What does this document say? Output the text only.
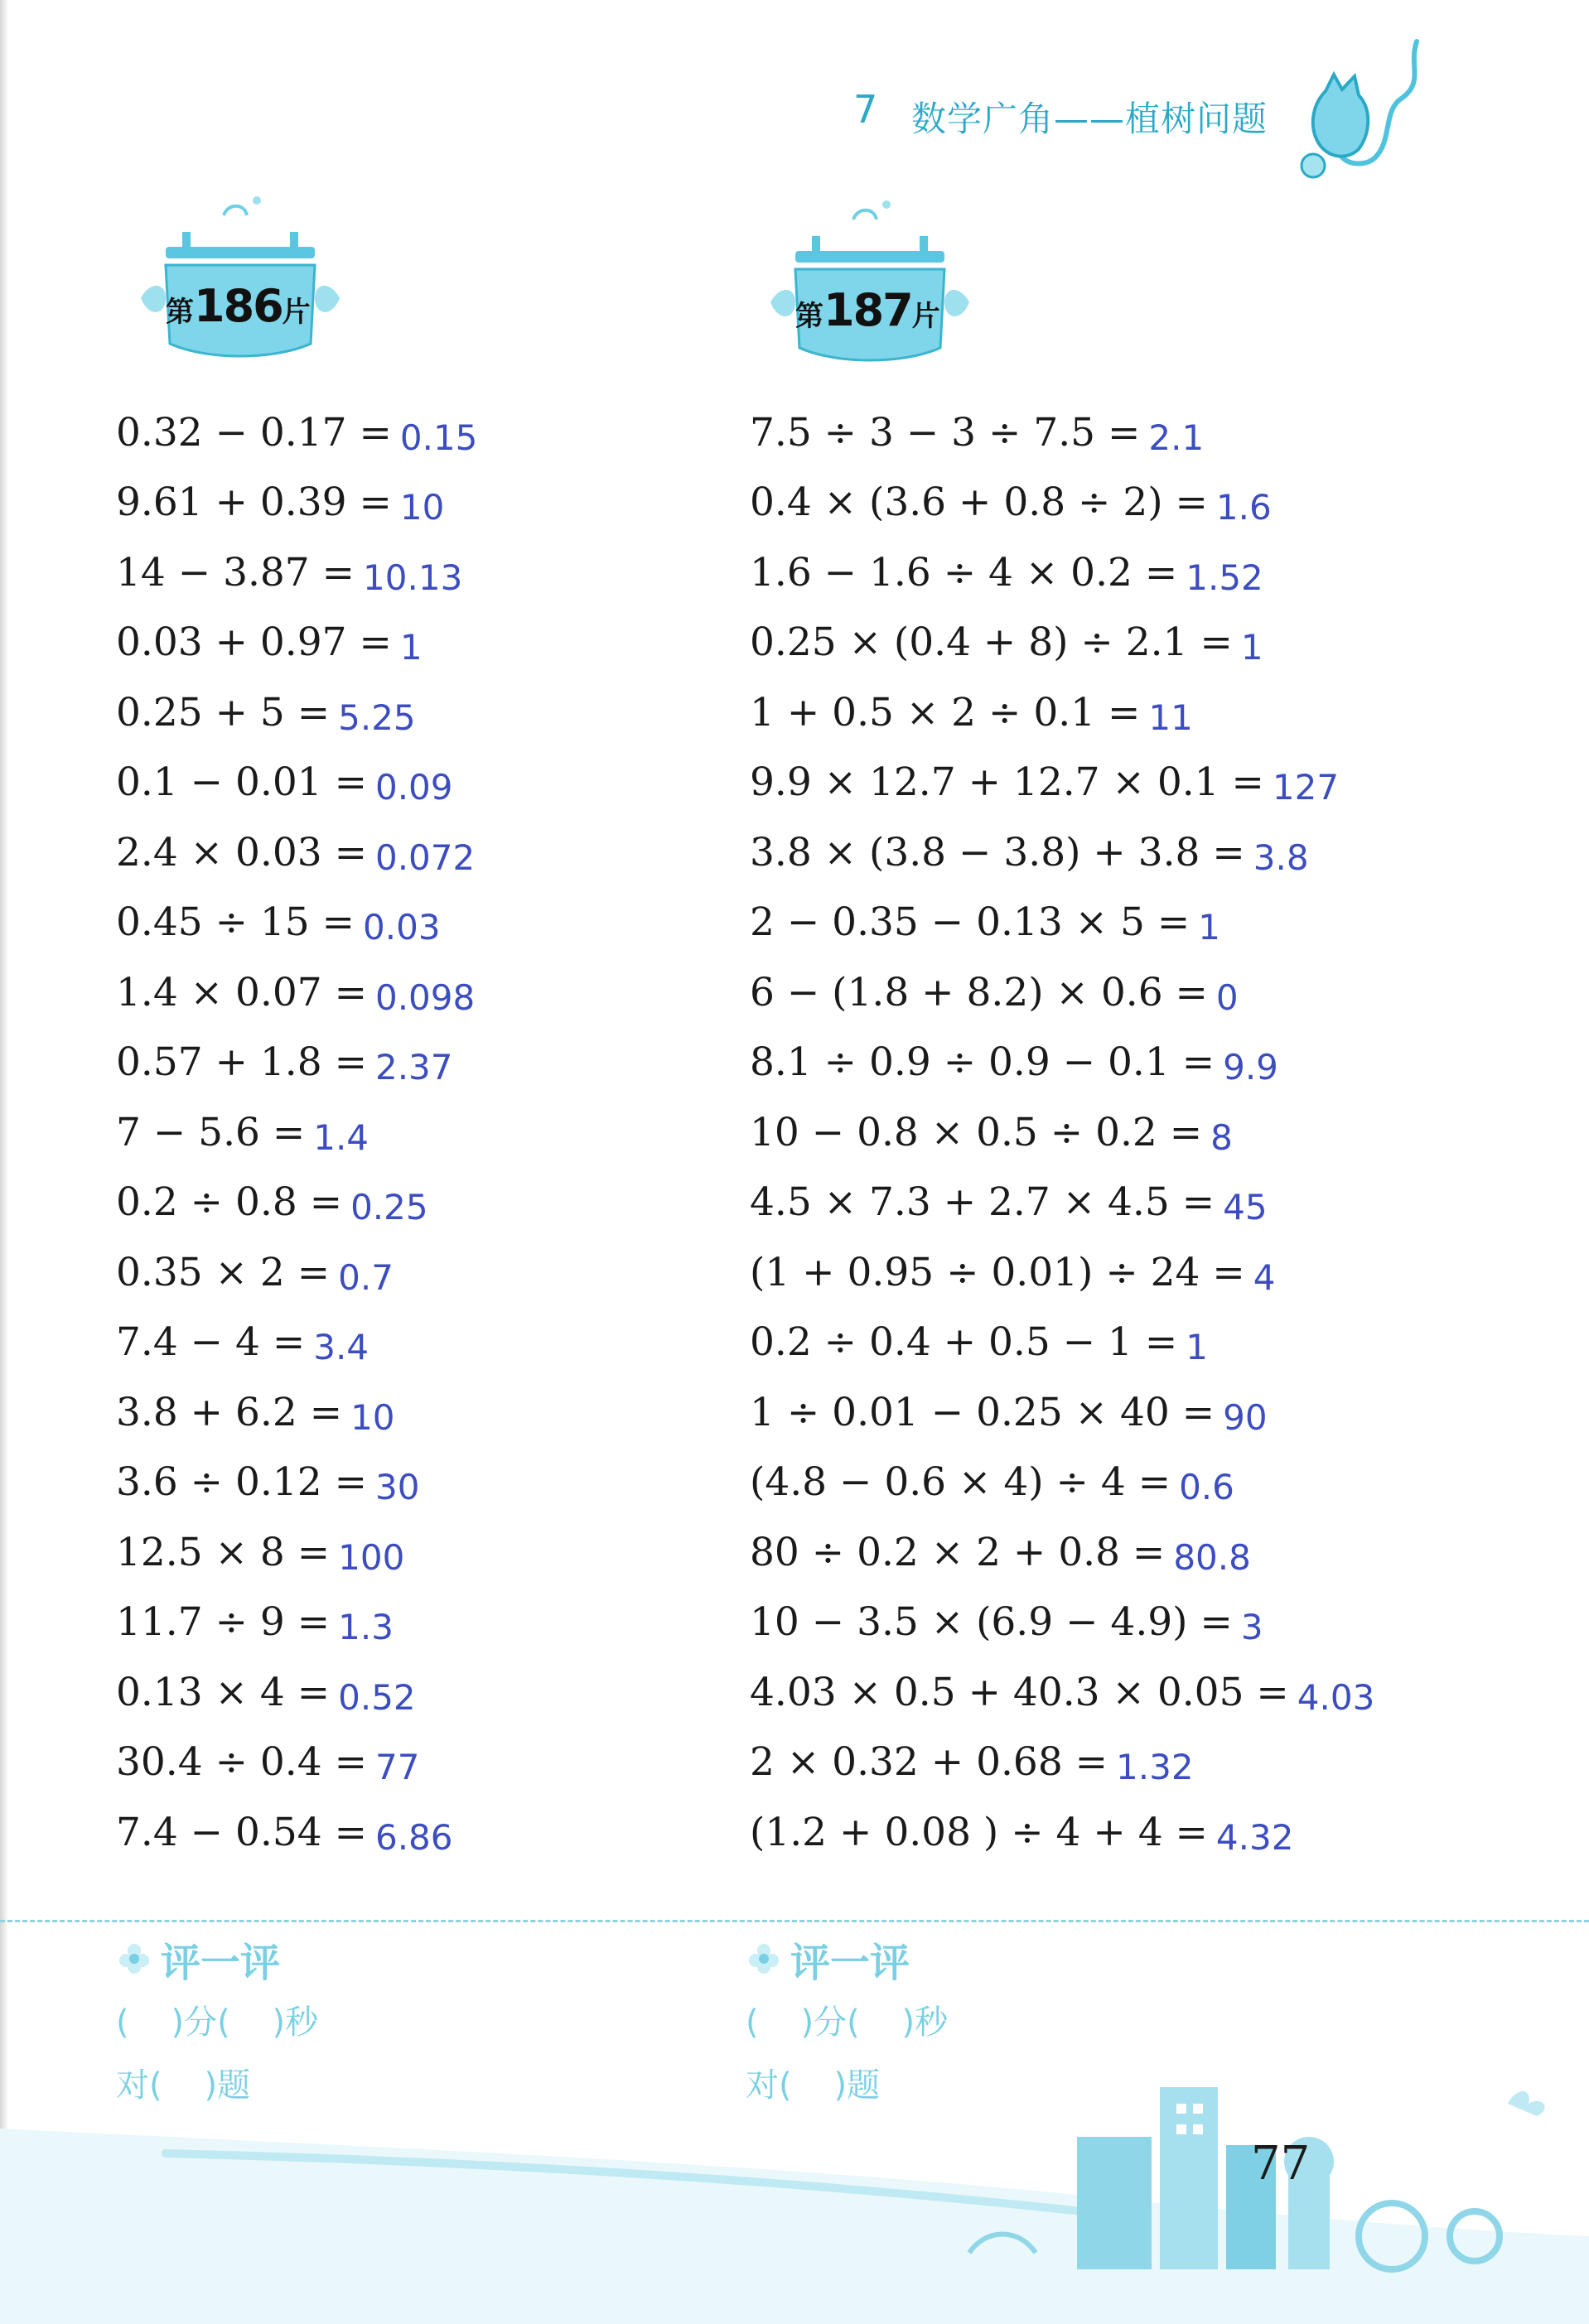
7 数学广角——植树问题
第186片	第187片
0.32 − 0.17 = 0.15
9.61 + 0.39 = 10
14 − 3.87 = 10.13
0.03 + 0.97 = 1
0.25 + 5 = 5.25
0.1 − 0.01 = 0.09
2.4 × 0.03 = 0.072
0.45 ÷ 15 = 0.03
1.4 × 0.07 = 0.098
0.57 + 1.8 = 2.37
7 − 5.6 = 1.4
0.2 ÷ 0.8 = 0.25
0.35 × 2 = 0.7
7.4 − 4 = 3.4
3.8 + 6.2 = 10
3.6 ÷ 0.12 = 30
12.5 × 8 = 100
11.7 ÷ 9 = 1.3
0.13 × 4 = 0.52
30.4 ÷ 0.4 = 77
7.4 − 0.54 = 6.86
7.5 ÷ 3 − 3 ÷ 7.5 = 2.1
0.4 × (3.6 + 0.8 ÷ 2) = 1.6
1.6 − 1.6 ÷ 4 × 0.2 = 1.52
0.25 × (0.4 + 8) ÷ 2.1 = 1
1 + 0.5 × 2 ÷ 0.1 = 11
9.9 × 12.7 + 12.7 × 0.1 = 127
3.8 × (3.8 − 3.8) + 3.8 = 3.8
2 − 0.35 − 0.13 × 5 = 1
6 − (1.8 + 8.2) × 0.6 = 0
8.1 ÷ 0.9 ÷ 0.9 − 0.1 = 9.9
10 − 0.8 × 0.5 ÷ 0.2 = 8
4.5 × 7.3 + 2.7 × 4.5 = 45
(1 + 0.95 ÷ 0.01) ÷ 24 = 4
0.2 ÷ 0.4 + 0.5 − 1 = 1
1 ÷ 0.01 − 0.25 × 40 = 90
(4.8 − 0.6 × 4) ÷ 4 = 0.6
80 ÷ 0.2 × 2 + 0.8 = 80.8
10 − 3.5 × (6.9 − 4.9) = 3
4.03 × 0.5 + 40.3 × 0.05 = 4.03
2 × 0.32 + 0.68 = 1.32
(1.2 + 0.08 ) ÷ 4 + 4 = 4.32
评一评
(    )分(    )秒
对(    )题
评一评
(    )分(    )秒
对(    )题
77
